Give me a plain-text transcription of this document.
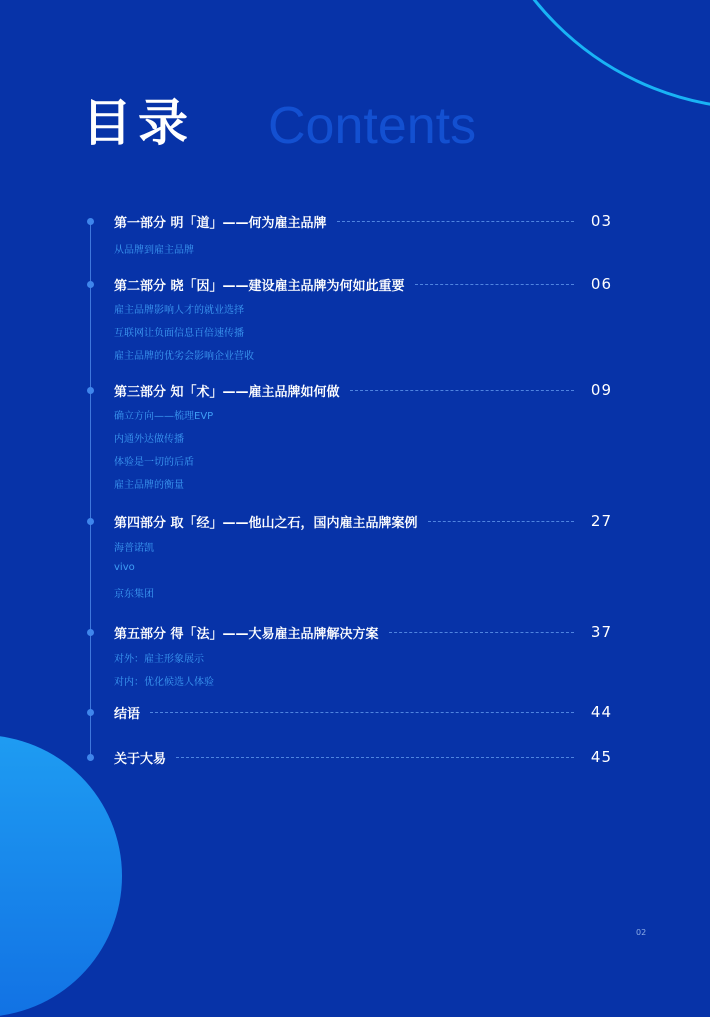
目录 Contents
第一部分 明「道」——何为雇主品牌	03
从品牌到雇主品牌
第二部分 晓「因」——建设雇主品牌为何如此重要	06
雇主品牌影响人才的就业选择
互联网让负面信息百倍速传播
雇主品牌的优劣会影响企业营收
第三部分 知「术」——雇主品牌如何做	09
确立方向——梳理EVP
内通外达做传播
体验是一切的后盾
雇主品牌的衡量
第四部分 取「经」——他山之石，国内雇主品牌案例	27
海普诺凯
vivo
京东集团
第五部分 得「法」——大易雇主品牌解决方案	37
对外：雇主形象展示
对内：优化候选人体验
结语	44
关于大易	45
02
